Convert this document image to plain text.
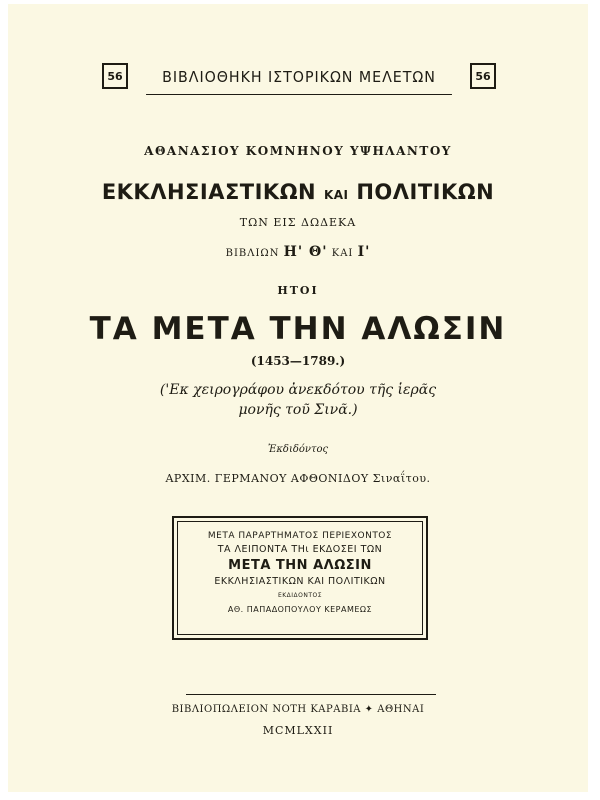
56	ΒΙΒΛΙΟΘΗΚΗ ΙΣΤΟΡΙΚΩΝ ΜΕΛΕΤΩΝ	56
ΑΘΑΝΑΣΙΟΥ ΚΟΜΝΗΝΟΥ ΥΨΗΛΑΝΤΟΥ
ΕΚΚΛΗΣΙΑΣΤΙΚΩΝ ΚΑΙ ΠΟΛΙΤΙΚΩΝ
ΤΩΝ ΕΙΣ ΔΩΔΕΚΑ
ΒΙΒΛΙΩΝ Η' Θ' ΚΑΙ Ι'
ΗΤΟΙ
ΤΑ ΜΕΤΑ ΤΗΝ ΑΛΩΣΙΝ
(1453—1789.)
('Εκ χειρογράφου ἀνεκδότου τῆς ἱερᾶς
μονῆς τοῦ Σινᾶ.)
Ἐκδιδόντος
ΑΡΧΙΜ. ΓΕΡΜΑΝΟΥ ΑΦΘΟΝΙΔΟΥ Σιναΐτου.
ΜΕΤΑ ΠΑΡΑΡΤΗΜΑΤΟΣ ΠΕΡΙΕΧΟΝΤΟΣ
ΤΑ ΛΕΙΠΟΝΤΑ ΤΗι ΕΚΔΟΣΕΙ ΤΩΝ
ΜΕΤΑ ΤΗΝ ΑΛΩΣΙΝ
ΕΚΚΛΗΣΙΑΣΤΙΚΩΝ ΚΑΙ ΠΟΛΙΤΙΚΩΝ
ΕΚΔΙΔΟΝΤΟΣ
ΑΘ. ΠΑΠΑΔΟΠΟΥΛΟΥ ΚΕΡΑΜΕΩΣ
ΒΙΒΛΙΟΠΩΛΕΙΟΝ ΝΟΤΗ ΚΑΡΑΒΙΑ ✦ ΑΘΗΝΑΙ
MCMLXXII
